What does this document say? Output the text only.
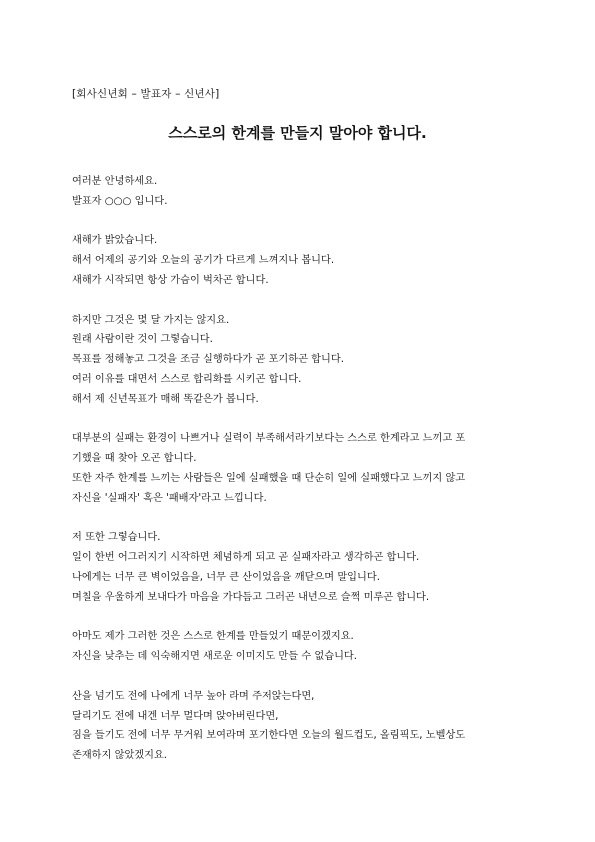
[회사신년회 – 발표자 – 신년사]
스스로의 한계를 만들지 말아야 합니다.
여러분 안녕하세요.
발표자 ○○○ 입니다.
새해가 밝았습니다.
해서 어제의 공기와 오늘의 공기가 다르게 느껴지나 봅니다.
새해가 시작되면 항상 가슴이 벅차곤 합니다.
하지만 그것은 몇 달 가지는 않지요.
원래 사람이란 것이 그렇습니다.
목표를 정해놓고 그것을 조금 실행하다가 곧 포기하곤 합니다.
여러 이유를 대면서 스스로 합리화를 시키곤 합니다.
해서 제 신년목표가 매해 똑같은가 봅니다.
대부분의 실패는 환경이 나쁘거나 실력이 부족해서라기보다는 스스로 한계라고 느끼고 포
기했을 때 찾아 오곤 합니다.
또한 자주 한계를 느끼는 사람들은 일에 실패했을 때 단순히 일에 실패했다고 느끼지 않고
자신을 '실패자' 혹은 '패배자'라고 느낍니다.
저 또한 그렇습니다.
일이 한번 어그러지기 시작하면 체념하게 되고 곧 실패자라고 생각하곤 합니다.
나에게는 너무 큰 벽이었음을, 너무 큰 산이었음을 깨닫으며 말입니다.
며칠을 우울하게 보내다가 마음을 가다듬고 그러곤 내년으로 슬쩍 미루곤 합니다.
아마도 제가 그러한 것은 스스로 한계를 만들었기 때문이겠지요.
자신을 낮추는 데 익숙해지면 새로운 이미지도 만들 수 없습니다.
산을 넘기도 전에 나에게 너무 높아 라며 주저앉는다면,
달리기도 전에 내겐 너무 멀다며 앉아버린다면,
짐을 들기도 전에 너무 무거워 보여라며 포기한다면 오늘의 월드컵도, 올림픽도, 노벨상도
존재하지 않았겠지요.
